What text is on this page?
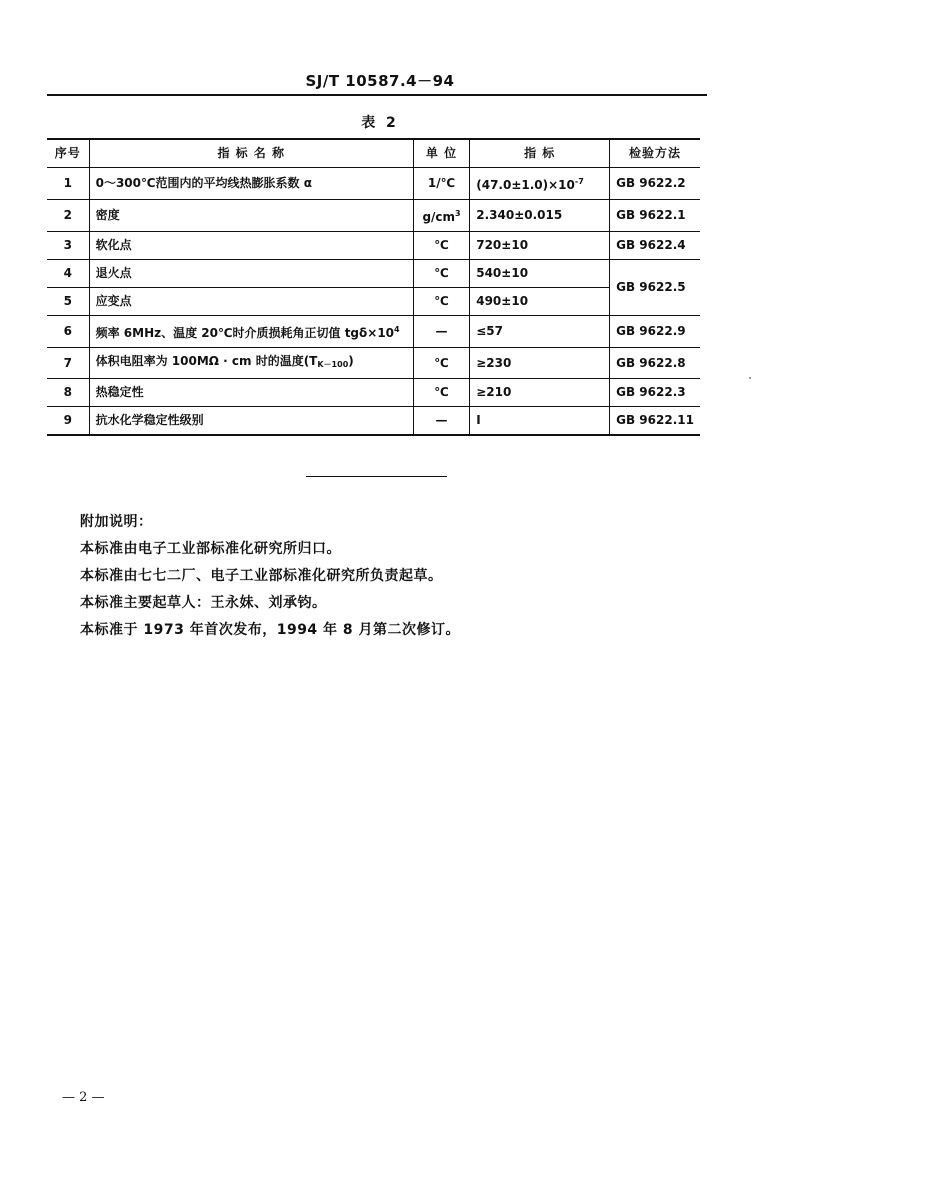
SJ/T 10587.4－94
表 2
序号	指 标 名 称	单 位	指 标	检验方法
1	0～300℃范围内的平均线热膨胀系数 α	1/℃	$(47.0\pm 1.0)\times 10^{-7}$	GB 9622.2
2	密度	$g/cm^3$	2.340±0.015	GB 9622.1
3	软化点	℃	720±10	GB 9622.4
4	退火点	℃	540±10	GB 9622.5
5	应变点	℃	490±10	
6	频率 6MHz、温度 20℃时介质损耗角正切值 $tg\delta\times 10^4$	—	≤57	GB 9622.9
7	体积电阻率为 100MΩ · cm 时的温度$(T_{K-100})$	℃	≥230	GB 9622.8
8	热稳定性	℃	≥210	GB 9622.3
9	抗水化学稳定性级别	—	I	GB 9622.11
附加说明：
本标准由电子工业部标准化研究所归口。
本标准由七七二厂、电子工业部标准化研究所负责起草。
本标准主要起草人：王永妹、刘承钧。
本标准于 1973 年首次发布，1994 年 8 月第二次修订。
— 2 —
